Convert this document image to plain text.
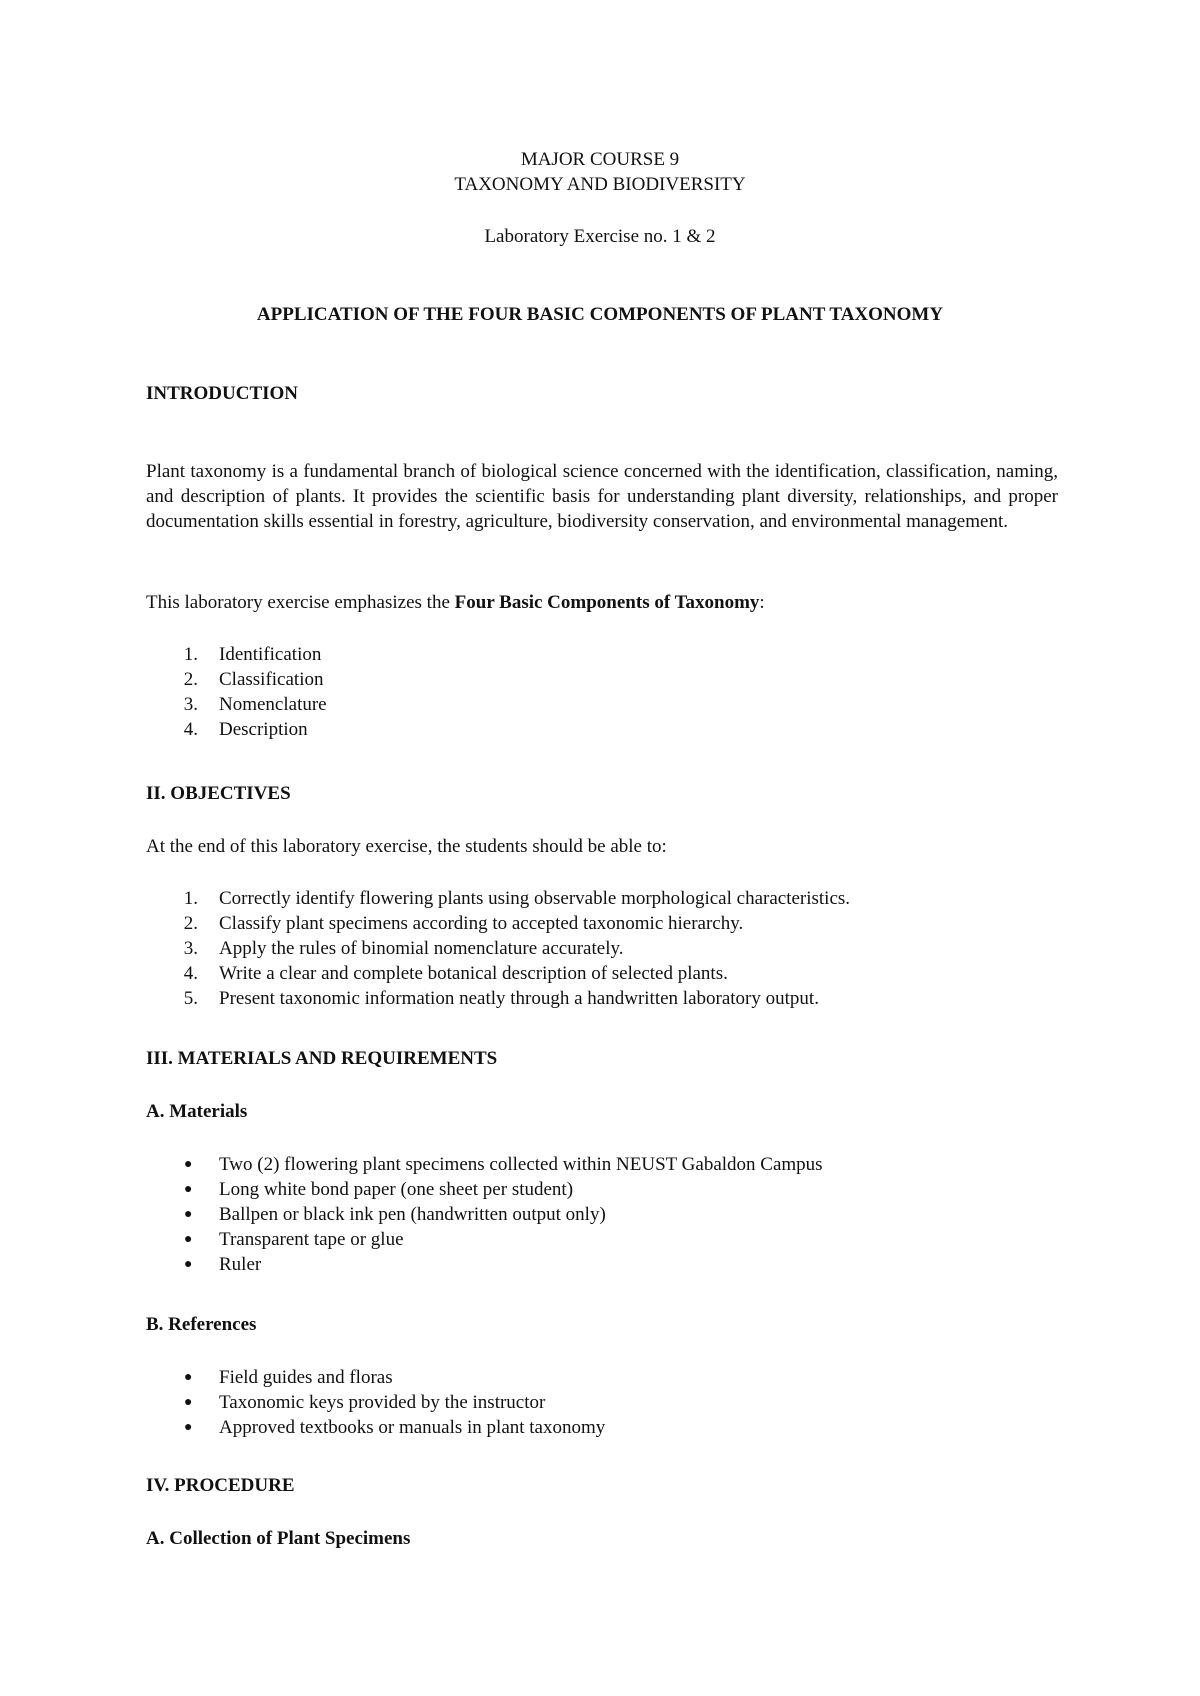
MAJOR COURSE 9
TAXONOMY AND BIODIVERSITY
Laboratory Exercise no. 1 & 2
APPLICATION OF THE FOUR BASIC COMPONENTS OF PLANT TAXONOMY
INTRODUCTION

Plant taxonomy is a fundamental branch of biological science concerned with the identification, classification, naming, and description of plants. It provides the scientific basis for understanding plant diversity, relationships, and proper documentation skills essential in forestry, agriculture, biodiversity conservation, and environmental management.

This laboratory exercise emphasizes the Four Basic Components of Taxonomy:

1. Identification
2. Classification
3. Nomenclature
4. Description
II. OBJECTIVES

At the end of this laboratory exercise, the students should be able to:

1. Correctly identify flowering plants using observable morphological characteristics.
2. Classify plant specimens according to accepted taxonomic hierarchy.
3. Apply the rules of binomial nomenclature accurately.
4. Write a clear and complete botanical description of selected plants.
5. Present taxonomic information neatly through a handwritten laboratory output.
III. MATERIALS AND REQUIREMENTS
A. Materials
● Two (2) flowering plant specimens collected within NEUST Gabaldon Campus
● Long white bond paper (one sheet per student)
● Ballpen or black ink pen (handwritten output only)
● Transparent tape or glue
● Ruler
B. References
● Field guides and floras
● Taxonomic keys provided by the instructor
● Approved textbooks or manuals in plant taxonomy
IV. PROCEDURE
A. Collection of Plant Specimens
